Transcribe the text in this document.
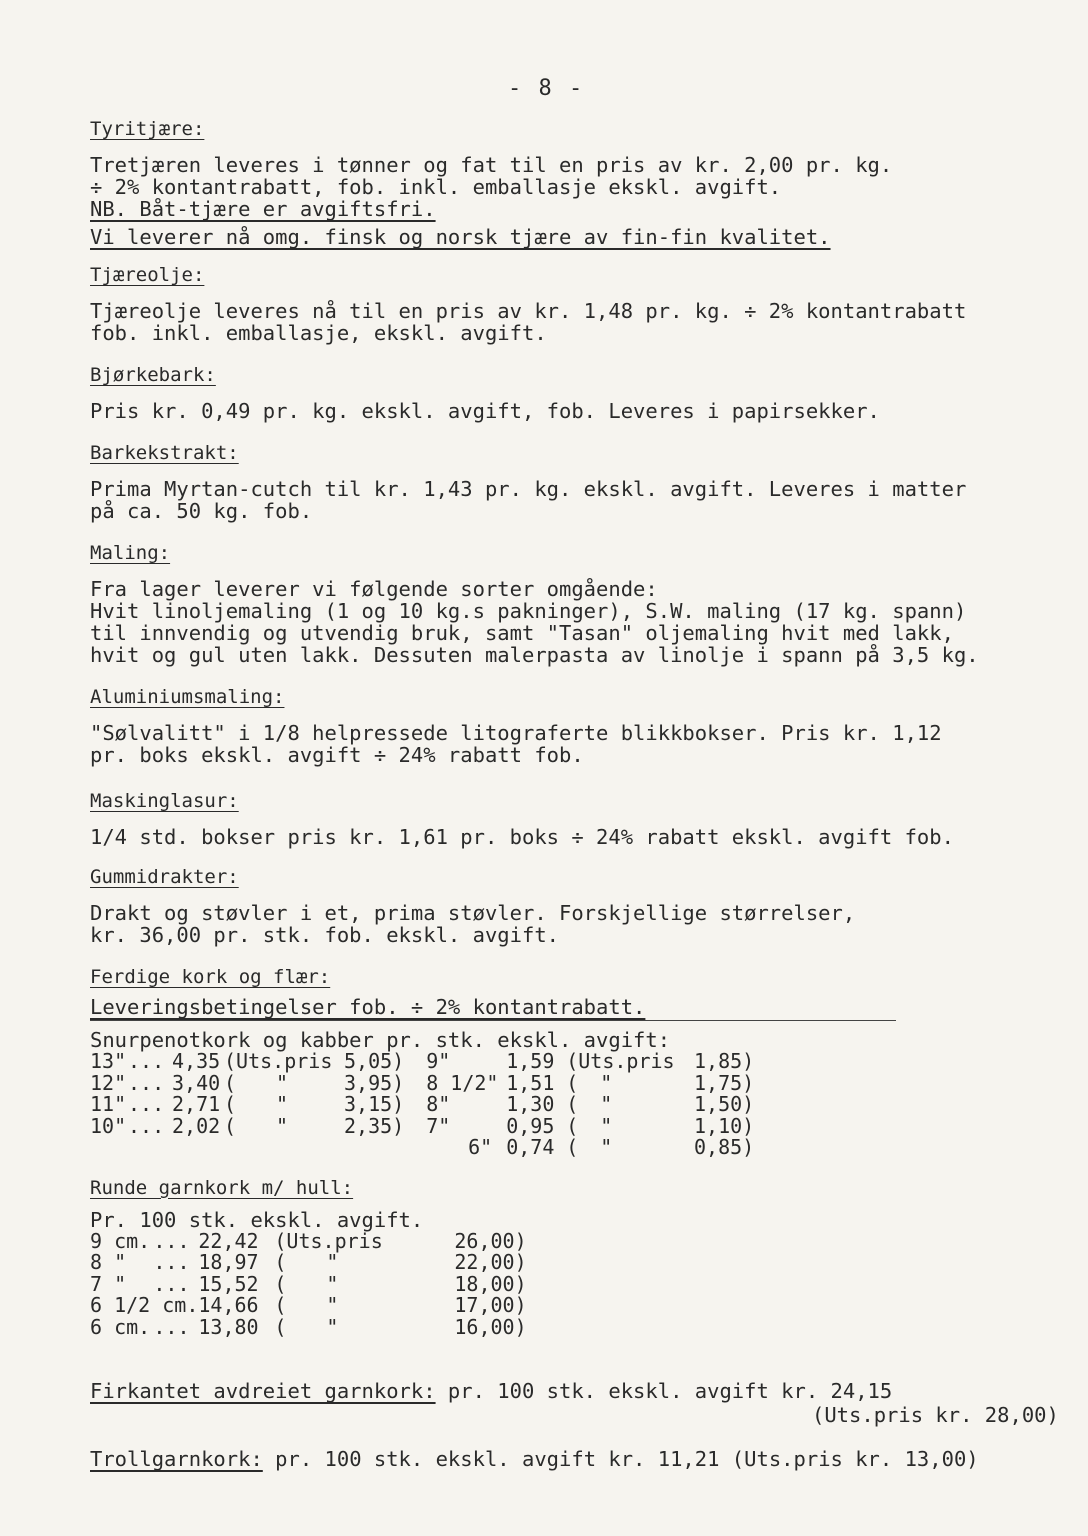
- 8 -
Tyritjære:
Tretjæren leveres i tønner og fat til en pris av kr. 2,00 pr. kg.
÷ 2% kontantrabatt, fob. inkl. emballasje ekskl. avgift.
NB. Båt-tjære er avgiftsfri.
Vi leverer nå omg. finsk og norsk tjære av fin-fin kvalitet.
Tjæreolje:
Tjæreolje leveres nå til en pris av kr. 1,48 pr. kg. ÷ 2% kontantrabatt
fob. inkl. emballasje, ekskl. avgift.
Bjørkebark:
Pris kr. 0,49 pr. kg. ekskl. avgift, fob. Leveres i papirsekker.
Barkekstrakt:
Prima Myrtan-cutch til kr. 1,43 pr. kg. ekskl. avgift. Leveres i matter
på ca. 50 kg. fob.
Maling:
Fra lager leverer vi følgende sorter omgående:
Hvit linoljemaling (1 og 10 kg.s pakninger), S.W. maling (17 kg. spann)
til innvendig og utvendig bruk, samt "Tasan" oljemaling hvit med lakk,
hvit og gul uten lakk. Dessuten malerpasta av linolje i spann på 3,5 kg.
Aluminiumsmaling:
"Sølvalitt" i 1/8 helpressede litograferte blikkbokser. Pris kr. 1,12
pr. boks ekskl. avgift ÷ 24% rabatt fob.
Maskinglasur:
1/4 std. bokser pris kr. 1,61 pr. boks ÷ 24% rabatt ekskl. avgift fob.
Gummidrakter:
Drakt og støvler i et, prima støvler. Forskjellige størrelser,
kr. 36,00 pr. stk. fob. ekskl. avgift.
Ferdige kork og flær:
Leveringsbetingelser fob. ÷ 2% kontantrabatt.
Snurpenotkork og kabber pr. stk. ekskl. avgift:
13"	...	4,35	(Uts.pris		5,05)		9"	1,59	(Uts.pris		1,85)
12"	...	3,40	( "		3,95)		8 1/2"	1,51	(	"	1,75)
11"	...	2,71	( "		3,15)		8"	1,30	(	"	1,50)
10"	...	2,02	( "		2,35)		7"	0,95	(	"	1,10)
							6"	0,74	(	"	0,85)
Runde garnkork m/ hull:
Pr. 100 stk. ekskl. avgift.
9 cm.	...	22,42	(Uts.pris	26,00)
8 "	...	18,97	( "	22,00)
7 "	...	15,52	( "	18,00)
6 1/2 cm.		14,66	( "	17,00)
6 cm.	...	13,80	( "	16,00)
Firkantet avdreiet garnkork: pr. 100 stk. ekskl. avgift kr. 24,15
(Uts.pris kr. 28,00)
Trollgarnkork: pr. 100 stk. ekskl. avgift kr. 11,21 (Uts.pris kr. 13,00)
